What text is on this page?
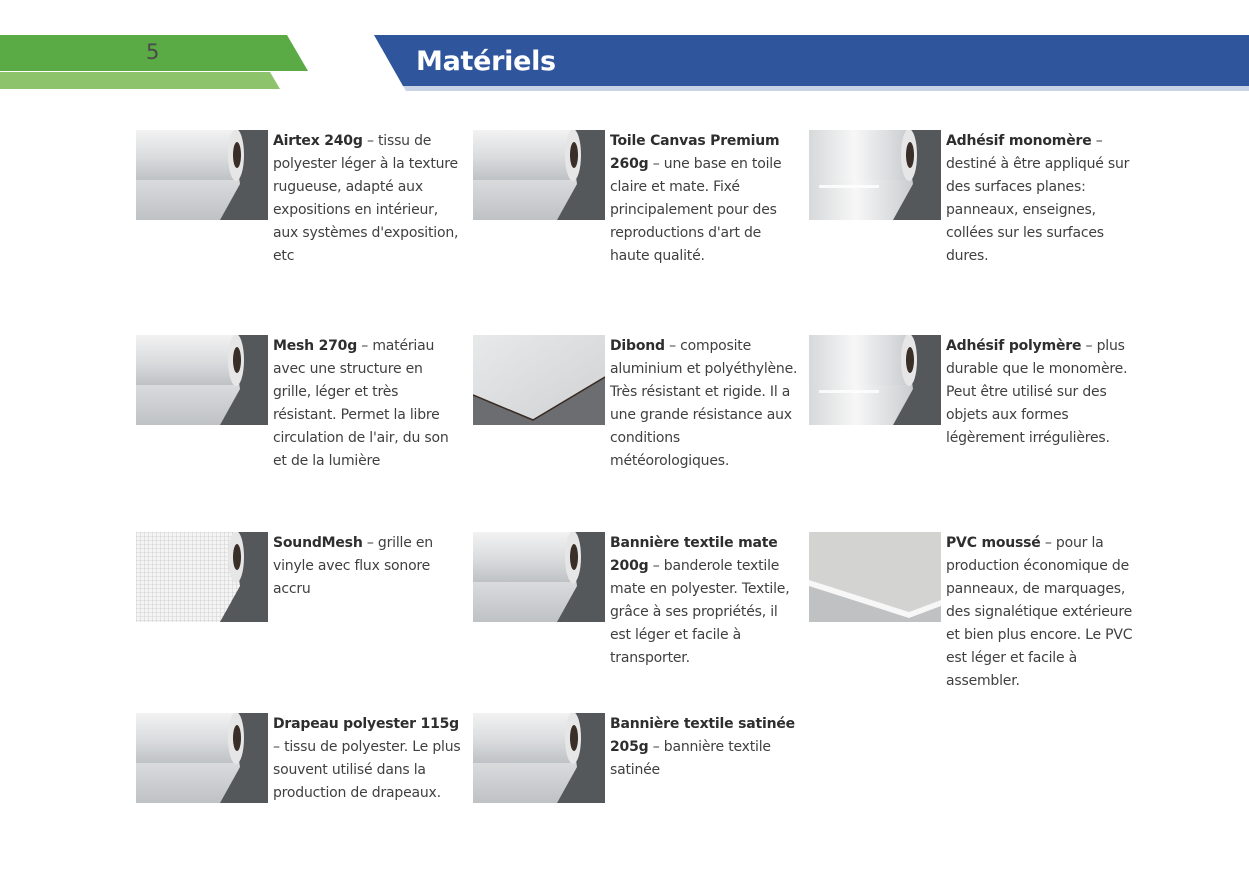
5	Matériels
Airtex 240g – tissu de polyester léger à la texture rugueuse, adapté aux expositions en intérieur, aux systèmes d'exposition, etc
Toile Canvas Premium 260g – une base en toile claire et mate. Fixé principalement pour des reproductions d'art de haute qualité.
Adhésif monomère – destiné à être appliqué sur des surfaces planes: panneaux, enseignes, collées sur les surfaces dures.
Mesh 270g – matériau avec une structure en grille, léger et très résistant. Permet la libre circulation de l'air, du son et de la lumière
Dibond – composite aluminium et polyéthylène. Très résistant et rigide. Il a une grande résistance aux conditions météorologiques.
Adhésif polymère – plus durable que le monomère. Peut être utilisé sur des objets aux formes légèrement irrégulières.
SoundMesh – grille en vinyle avec flux sonore accru
Bannière textile mate 200g – banderole textile mate en polyester. Textile, grâce à ses propriétés, il est léger et facile à transporter.
PVC moussé – pour la production économique de panneaux, de marquages, des signalétique extérieure et bien plus encore. Le PVC est léger et facile à assembler.
Drapeau polyester 115g – tissu de polyester. Le plus souvent utilisé dans la production de drapeaux.
Bannière textile satinée 205g – bannière textile satinée
